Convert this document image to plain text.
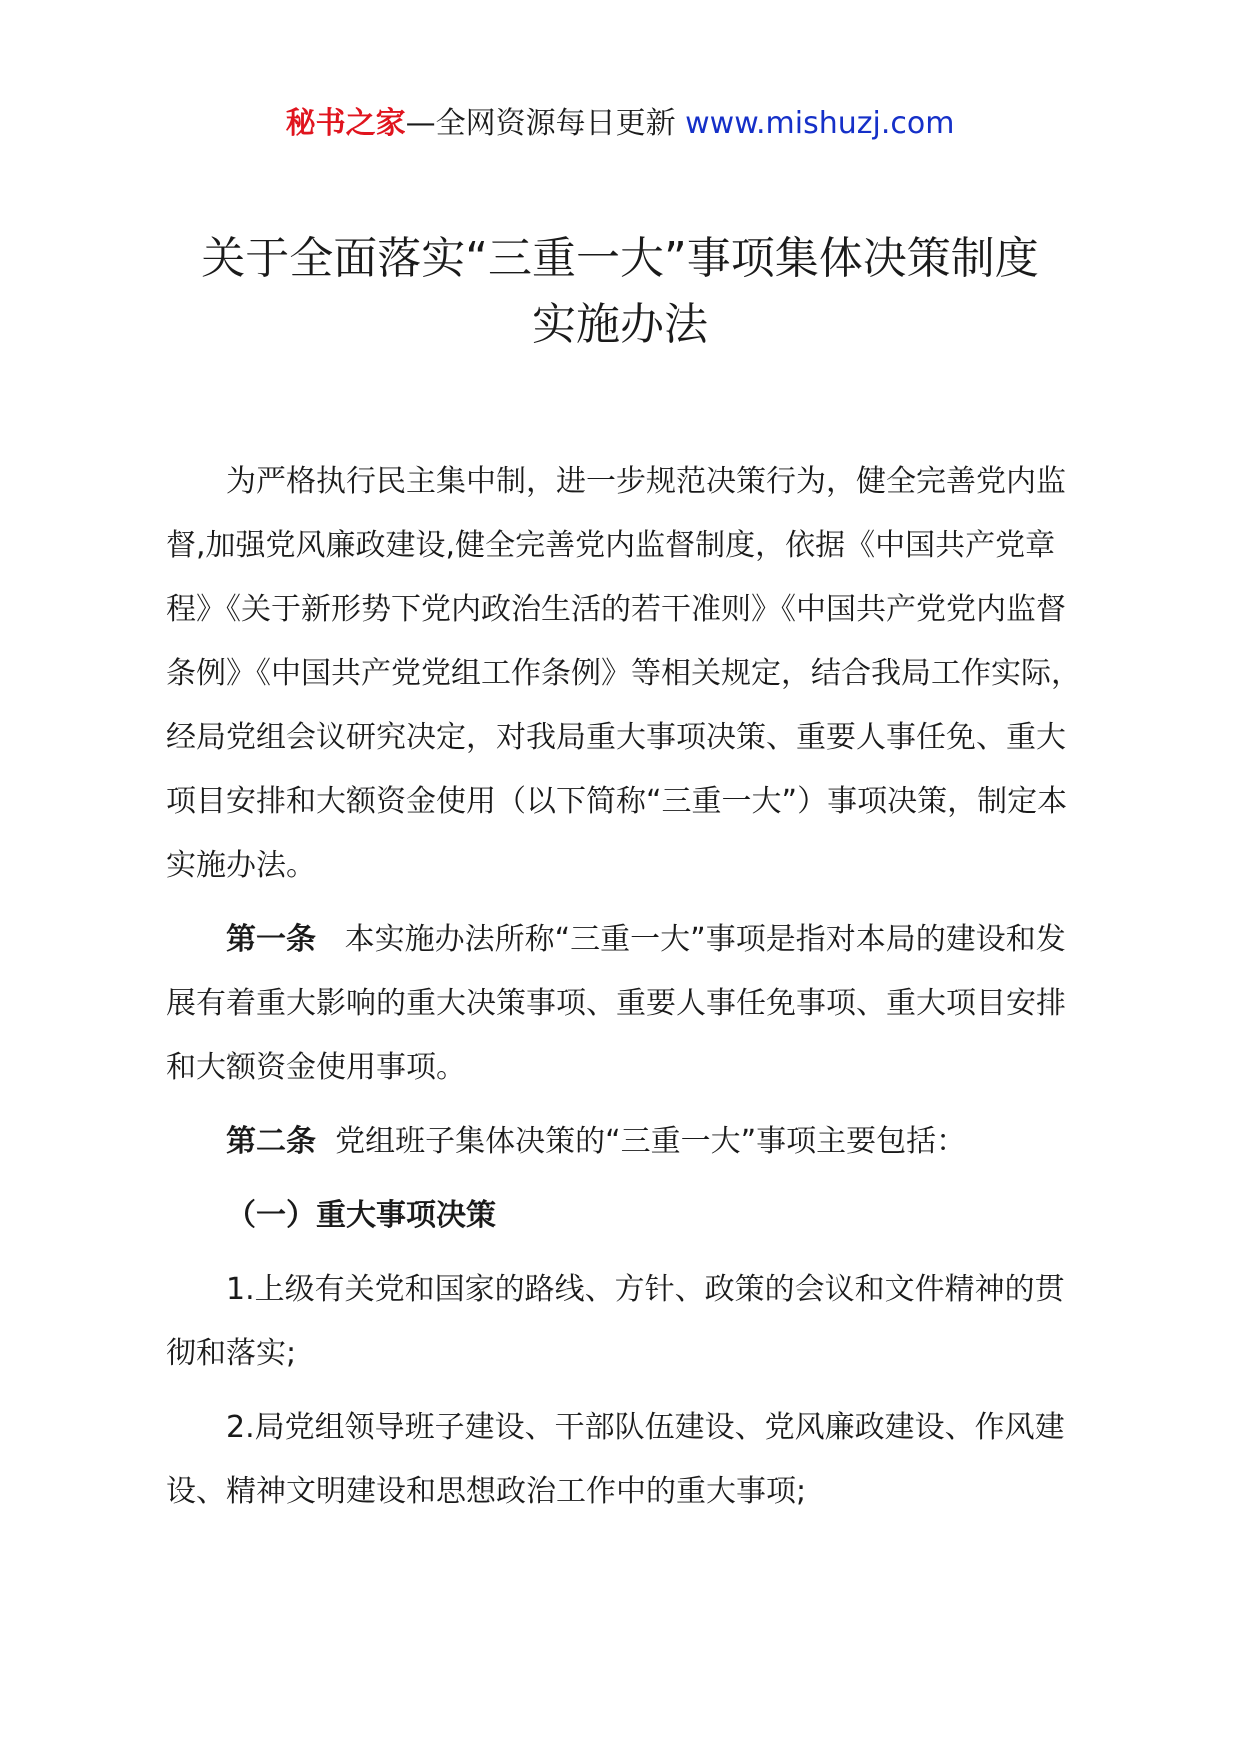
秘书之家—全网资源每日更新 www.mishuzj.com
关于全面落实“三重一大”事项集体决策制度
实施办法

为严格执行民主集中制，进一步规范决策行为，健全完善党内监督,加强党风廉政建设,健全完善党内监督制度，依据《中国共产党章程》《关于新形势下党内政治生活的若干准则》《中国共产党党内监督条例》《中国共产党党组工作条例》等相关规定，结合我局工作实际，经局党组会议研究决定，对我局重大事项决策、重要人事任免、重大项目安排和大额资金使用（以下简称“三重一大”）事项决策，制定本实施办法。

第一条 本实施办法所称“三重一大”事项是指对本局的建设和发展有着重大影响的重大决策事项、重要人事任免事项、重大项目安排和大额资金使用事项。

第二条 党组班子集体决策的“三重一大”事项主要包括：

（一）重大事项决策

1.上级有关党和国家的路线、方针、政策的会议和文件精神的贯彻和落实;

2.局党组领导班子建设、干部队伍建设、党风廉政建设、作风建设、精神文明建设和思想政治工作中的重大事项;
